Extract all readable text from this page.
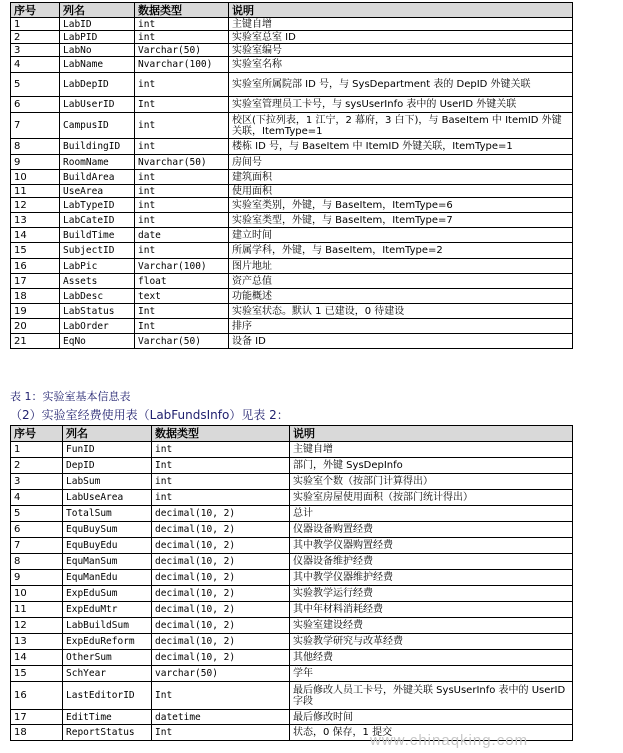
序号	列名	数据类型	说明
1	LabID	int	主键自增
2	LabPID	int	实验室总室 ID
3	LabNo	Varchar(50)	实验室编号
4	LabName	Nvarchar(100)	实验室名称
5	LabDepID	int	实验室所属院部 ID 号，与 SysDepartment 表的 DepID 外键关联
6	LabUserID	Int	实验室管理员工卡号，与 sysUserInfo 表中的 UserID 外键关联
7	CampusID	int	校区(下拉列表，1 江宁，2 幕府，3 白下)，与 BaseItem 中 ItemID 外键关联，ItemType=1
8	BuildingID	int	楼栋 ID 号，与 BaseItem 中 ItemID 外键关联，ItemType=1
9	RoomName	Nvarchar(50)	房间号
10	BuildArea	int	建筑面积
11	UseArea	int	使用面积
12	LabTypeID	int	实验室类别，外键，与 BaseItem，ItemType=6
13	LabCateID	int	实验室类型，外键，与 BaseItem，ItemType=7
14	BuildTime	date	建立时间
15	SubjectID	int	所属学科，外键，与 BaseItem，ItemType=2
16	LabPic	Varchar(100)	图片地址
17	Assets	float	资产总值
18	LabDesc	text	功能概述
19	LabStatus	Int	实验室状态。默认 1 已建设，0 待建设
20	LabOrder	Int	排序
21	EqNo	Varchar(50)	设备 ID
表 1：实验室基本信息表
（2）实验室经费使用表（LabFundsInfo）见表 2：
序号	列名	数据类型	说明
1	FunID	int	主键自增
2	DepID	Int	部门，外键 SysDepInfo
3	LabSum	int	实验室个数（按部门计算得出）
4	LabUseArea	int	实验室房屋使用面积（按部门统计得出）
5	TotalSum	decimal(10, 2)	总计
6	EquBuySum	decimal(10, 2)	仪器设备购置经费
7	EquBuyEdu	decimal(10, 2)	其中教学仪器购置经费
8	EquManSum	decimal(10, 2)	仪器设备维护经费
9	EquManEdu	decimal(10, 2)	其中教学仪器维护经费
10	ExpEduSum	decimal(10, 2)	实验教学运行经费
11	ExpEduMtr	decimal(10, 2)	其中年材料消耗经费
12	LabBuildSum	decimal(10, 2)	实验室建设经费
13	ExpEduReform	decimal(10, 2)	实验教学研究与改革经费
14	OtherSum	decimal(10, 2)	其他经费
15	SchYear	varchar(50)	学年
16	LastEditorID	Int	最后修改人员工卡号，外键关联 SysUserInfo 表中的 UserID 字段
17	EditTime	datetime	最后修改时间
18	ReportStatus	Int	状态，0 保存，1 提交
www.chinaqking.com
